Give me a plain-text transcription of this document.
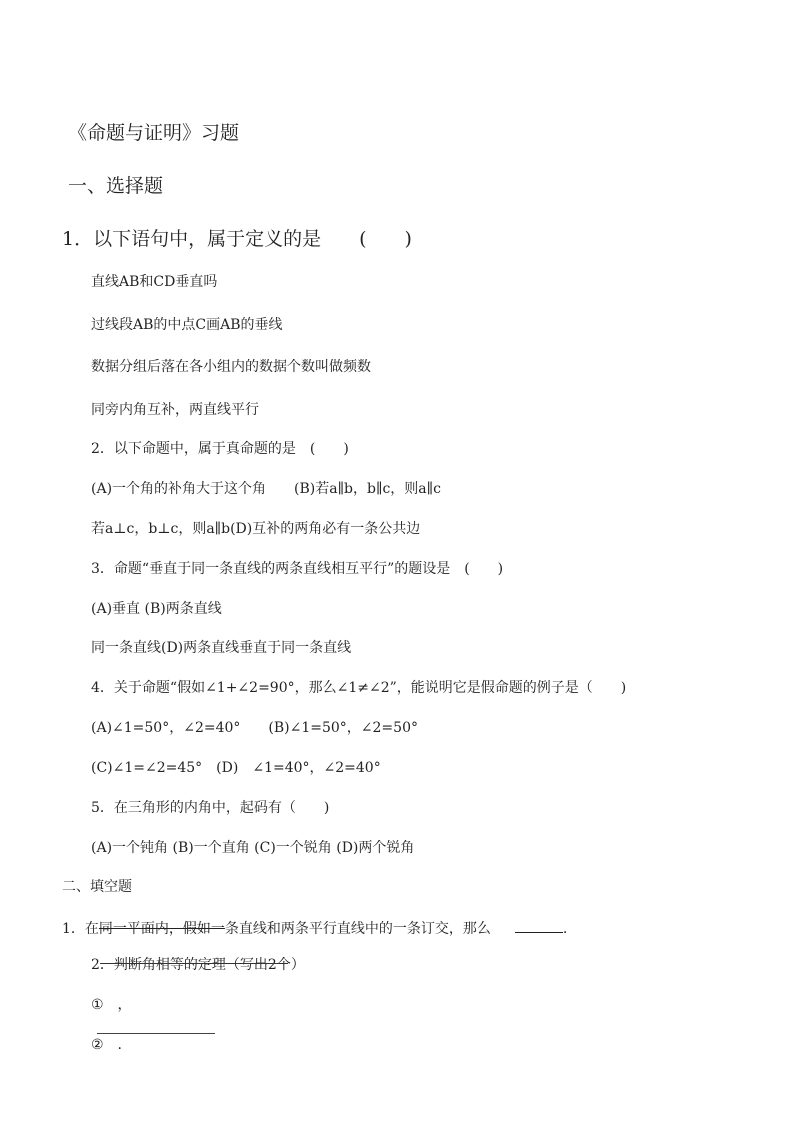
《命题与证明》习题
一、选择题
1．以下语句中，属于定义的是　　(　　)
直线AB和CD垂直吗
过线段AB的中点C画AB的垂线
数据分组后落在各小组内的数据个数叫做频数
同旁内角互补，两直线平行
2．以下命题中，属于真命题的是　(　　)
(A)一个角的补角大于这个角　　(B)若a∥b，b∥c，则a∥c
若a⊥c，b⊥c，则a∥b(D)互补的两角必有一条公共边
3．命题“垂直于同一条直线的两条直线相互平行”的题设是　(　　)
(A)垂直 (B)两条直线
同一条直线(D)两条直线垂直于同一条直线
4．关于命题“假如∠1+∠2=90°，那么∠1≠∠2”，能说明它是假命题的例子是（　　)
(A)∠1=50°，∠2=40°　　(B)∠1=50°，∠2=50°
(C)∠1=∠2=45°　(D)　∠1=40°，∠2=40°
5．在三角形的内角中，起码有（　　)
(A)一个钝角 (B)一个直角 (C)一个锐角 (D)两个锐角
二、填空题
1．在同一平面内，假如一条直线和两条平行直线中的一条订交，那么	.
2．判断角相等的定理（写出2个）
①　，
②　.
